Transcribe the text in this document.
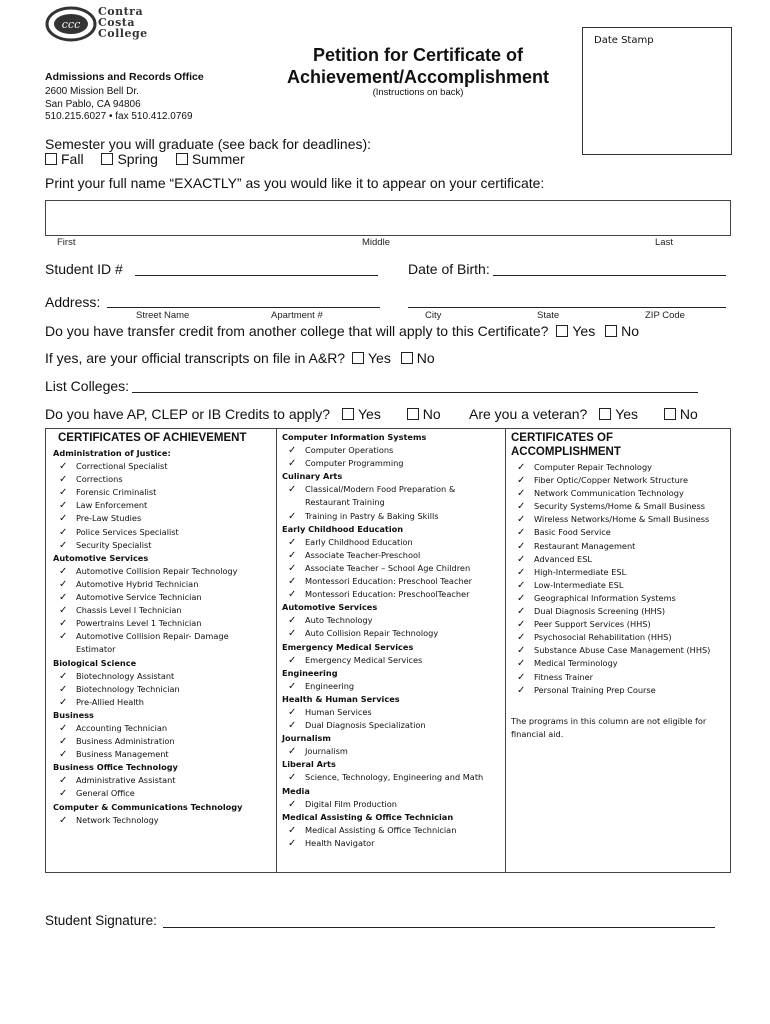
ccc
Contra
Costa
College
Admissions and Records Office
2600 Mission Bell Dr.
San Pablo, CA 94806
510.215.6027 • fax 510.412.0769
Petition for Certificate of
Achievement/Accomplishment
(Instructions on back)
Date Stamp
Semester you will graduate (see back for deadlines):
Fall Spring Summer
Print your full name “EXACTLY” as you would like it to appear on your certificate:
First	Middle	Last
Student ID #	Date of Birth:
Address:
Street Name	Apartment #	City	State	ZIP Code
Do you have transfer credit from another college that will apply to this Certificate? Yes No
If yes, are your official transcripts on file in A&R? Yes No
List Colleges:
Do you have AP, CLEP or IB Credits to apply? Yes	No Are you a veteran? Yes	No
CERTIFICATES OF ACHIEVEMENT
Administration of Justice:
✓ Correctional Specialist
✓ Corrections
✓ Forensic Criminalist
✓ Law Enforcement
✓ Pre-Law Studies
✓ Police Services Specialist
✓ Security Specialist
Automotive Services
✓ Automotive Collision Repair Technology
✓ Automotive Hybrid Technician
✓ Automotive Service Technician
✓ Chassis Level I Technician
✓ Powertrains Level 1 Technician
✓ Automotive Collision Repair- Damage
Estimator
Biological Science
✓ Biotechnology Assistant
✓ Biotechnology Technician
✓ Pre-Allied Health
Business
✓ Accounting Technician
✓ Business Administration
✓ Business Management
Business Office Technology
✓ Administrative Assistant
✓ General Office
Computer & Communications Technology
✓ Network Technology
Computer Information Systems
✓ Computer Operations
✓ Computer Programming
Culinary Arts
✓ Classical/Modern Food Preparation &
Restaurant Training
✓ Training in Pastry & Baking Skills
Early Childhood Education
✓ Early Childhood Education
✓ Associate Teacher-Preschool
✓ Associate Teacher – School Age Children
✓ Montessori Education: Preschool Teacher
✓ Montessori Education: PreschoolTeacher
Automotive Services
✓ Auto Technology
✓ Auto Collision Repair Technology
Emergency Medical Services
✓ Emergency Medical Services
Engineering
✓ Engineering
Health & Human Services
✓ Human Services
✓ Dual Diagnosis Specialization
Journalism
✓ Journalism
Liberal Arts
✓ Science, Technology, Engineering and Math
Media
✓ Digital Film Production
Medical Assisting & Office Technician
✓ Medical Assisting & Office Technician
✓ Health Navigator
CERTIFICATES OF
ACCOMPLISHMENT
✓ Computer Repair Technology
✓ Fiber Optic/Copper Network Structure
✓ Network Communication Technology
✓ Security Systems/Home & Small Business
✓ Wireless Networks/Home & Small Business
✓ Basic Food Service
✓ Restaurant Management
✓ Advanced ESL
✓ High-Intermediate ESL
✓ Low-Intermediate ESL
✓ Geographical Information Systems
✓ Dual Diagnosis Screening (HHS)
✓ Peer Support Services (HHS)
✓ Psychosocial Rehabilitation (HHS)
✓ Substance Abuse Case Management (HHS)
✓ Medical Terminology
✓ Fitness Trainer
✓ Personal Training Prep Course
The programs in this column are not eligible for financial aid.
Student Signature:
